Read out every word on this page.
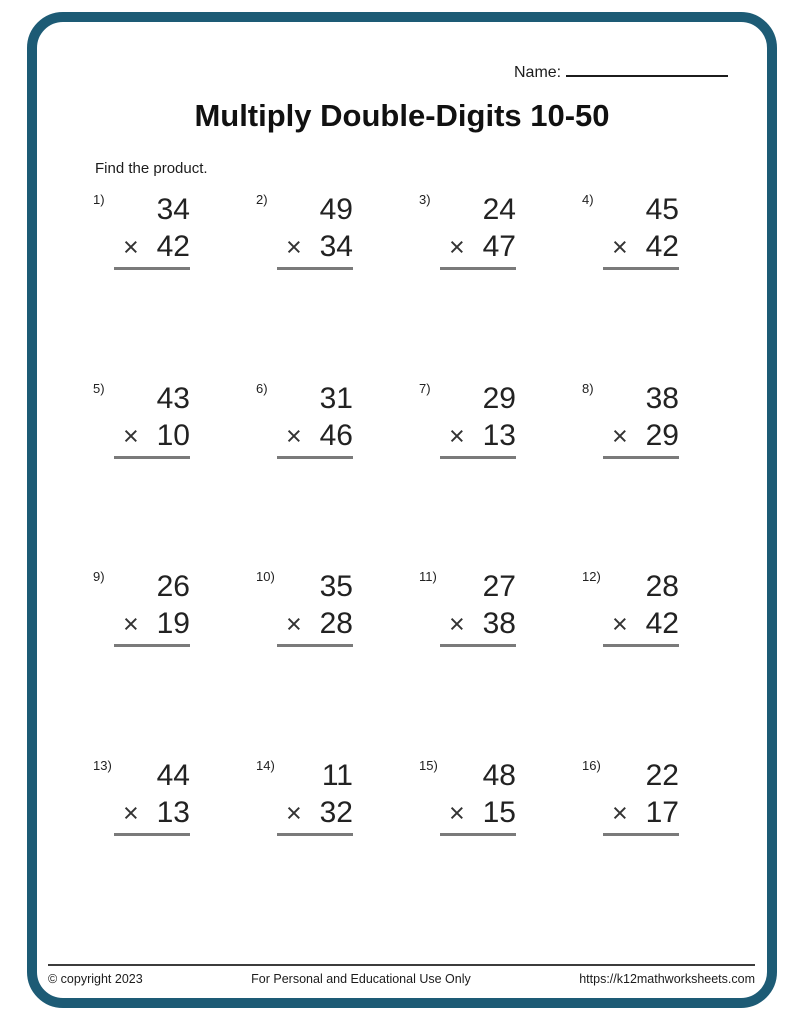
Name:
Multiply Double-Digits 10-50
Find the product.
1)	34
× 42
2)	49
× 34
3)	24
× 47
4)	45
× 42
5)	43
× 10
6)	31
× 46
7)	29
× 13
8)	38
× 29
9)	26
× 19
10)	35
× 28
11)	27
× 38
12)	28
× 42
13)	44
× 13
14)	11
× 32
15)	48
× 15
16)	22
× 17
© copyright 2023	For Personal and Educational Use Only	https://k12mathworksheets.com
